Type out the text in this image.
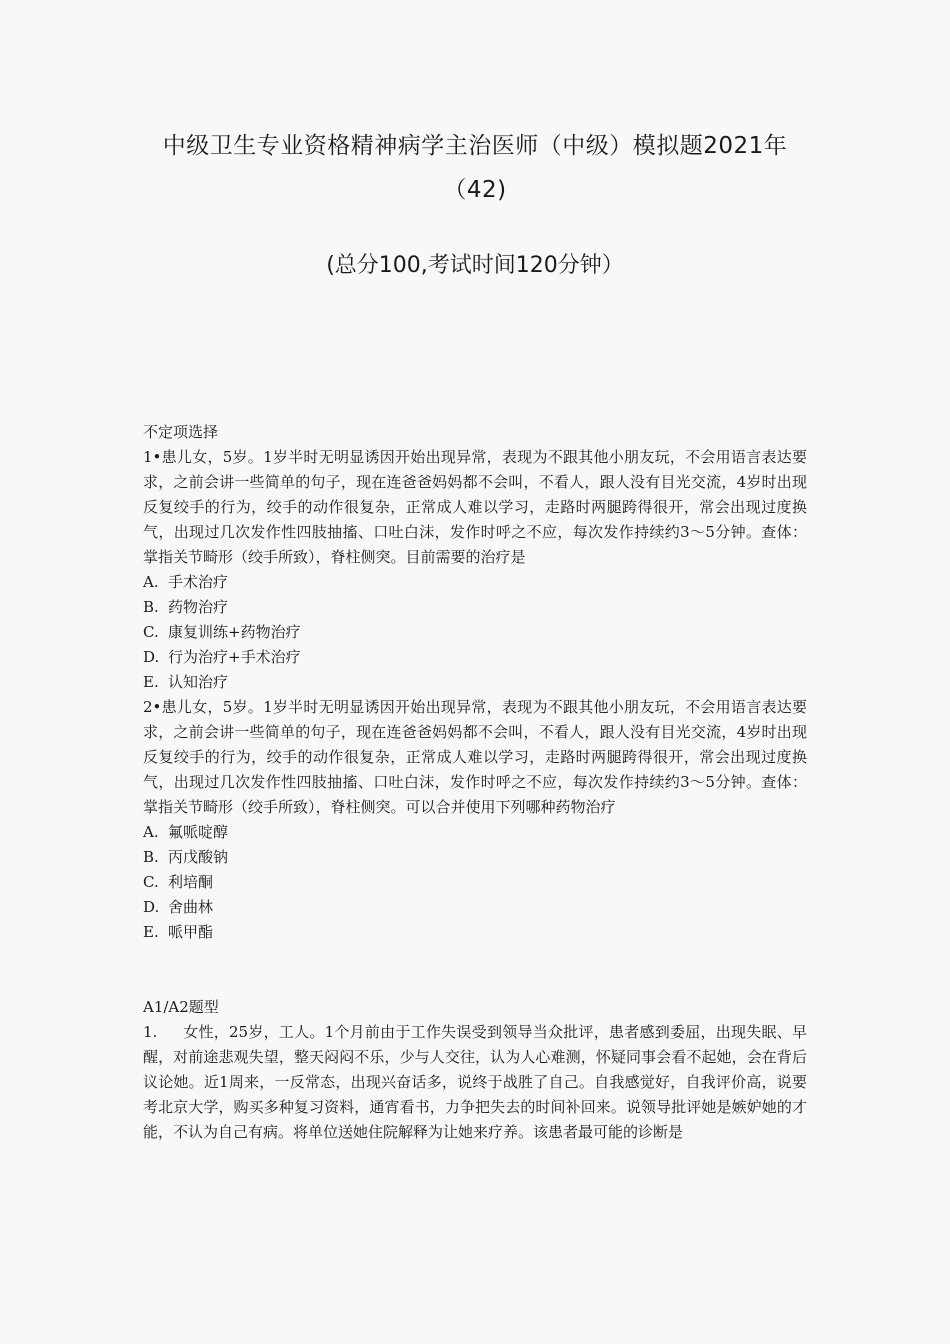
中级卫生专业资格精神病学主治医师（中级）模拟题2021年（42)
(总分100,考试时间120分钟）

不定项选择

1•患儿女，5岁。1岁半时无明显诱因开始出现异常，表现为不跟其他小朋友玩，不会用语言表达要求，之前会讲一些简单的句子，现在连爸爸妈妈都不会叫，不看人，跟人没有目光交流，4岁时出现反复绞手的行为，绞手的动作很复杂，正常成人难以学习，走路时两腿跨得很开，常会出现过度换气，出现过几次发作性四肢抽搐、口吐白沫，发作时呼之不应，每次发作持续约3〜5分钟。查体：掌指关节畸形（绞手所致），脊柱侧突。目前需要的治疗是

A. 手术治疗
B. 药物治疗
C. 康复训练+药物治疗
D. 行为治疗+手术治疗
E. 认知治疗

2•患儿女，5岁。1岁半时无明显诱因开始出现异常，表现为不跟其他小朋友玩，不会用语言表达要求，之前会讲一些简单的句子，现在连爸爸妈妈都不会叫，不看人，跟人没有目光交流，4岁时出现反复绞手的行为，绞手的动作很复杂，正常成人难以学习，走路时两腿跨得很开，常会出现过度换气，出现过几次发作性四肢抽搐、口吐白沫，发作时呼之不应，每次发作持续约3〜5分钟。查体：掌指关节畸形（绞手所致），脊柱侧突。可以合并使用下列哪种药物治疗

A. 氟哌啶醇
B. 丙戊酸钠
C. 利培酮
D. 舍曲林
E. 哌甲酯

A1/A2题型

1. 女性，25岁，工人。1个月前由于工作失误受到领导当众批评，患者感到委屈，出现失眠、早醒，对前途悲观失望，整天闷闷不乐，少与人交往，认为人心难测，怀疑同事会看不起她，会在背后议论她。近1周来，一反常态，出现兴奋话多，说终于战胜了自己。自我感觉好，自我评价高，说要考北京大学，购买多种复习资料，通宵看书，力争把失去的时间补回来。说领导批评她是嫉妒她的才能，不认为自己有病。将单位送她住院解释为让她来疗养。该患者最可能的诊断是
